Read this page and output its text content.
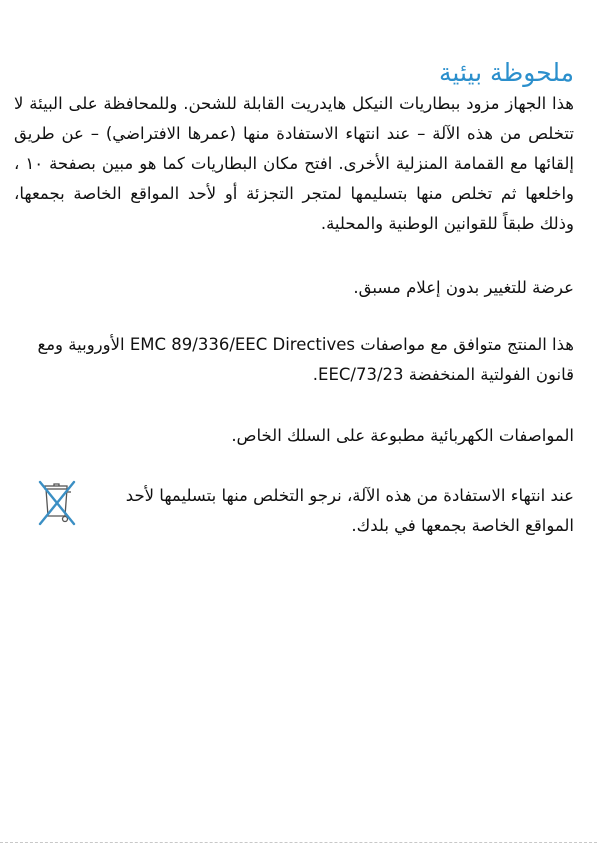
ملحوظة بيئية

هذا الجهاز مزود ببطاريات النيكل هايدريت القابلة للشحن. وللمحافظة على البيئة لا تتخلص من هذه الآلة – عند انتهاء الاستفادة منها (عمرها الافتراضي) – عن طريق إلقائها مع القمامة المنزلية الأخرى. افتح مكان البطاريات كما هو مبين بصفحة ١٠ ، واخلعها ثم تخلص منها بتسليمها لمتجر التجزئة أو لأحد المواقع الخاصة بجمعها، وذلك طبقاً للقوانين الوطنية والمحلية.

عرضة للتغيير بدون إعلام مسبق.

هذا المنتج متوافق مع مواصفات EMC 89/336/EEC Directives الأوروبية ومع قانون الفولتية المنخفضة 73/23/EEC.

المواصفات الكهربائية مطبوعة على السلك الخاص.

عند انتهاء الاستفادة من هذه الآلة، نرجو التخلص منها بتسليمها لأحد المواقع الخاصة بجمعها في بلدك.
